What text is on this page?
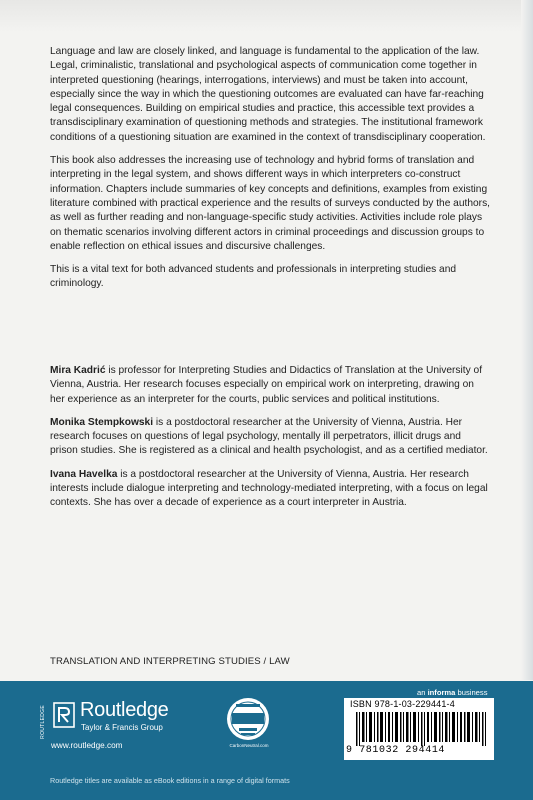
Language and law are closely linked, and language is fundamental to the application of the law. Legal, criminalistic, translational and psychological aspects of communication come together in interpreted questioning (hearings, interrogations, interviews) and must be taken into account, especially since the way in which the questioning outcomes are evaluated can have far-reaching legal consequences. Building on empirical studies and practice, this accessible text provides a transdisciplinary examination of questioning methods and strategies. The institutional framework conditions of a questioning situation are examined in the context of transdisciplinary cooperation.

This book also addresses the increasing use of technology and hybrid forms of translation and interpreting in the legal system, and shows different ways in which interpreters co-construct information. Chapters include summaries of key concepts and definitions, examples from existing literature combined with practical experience and the results of surveys conducted by the authors, as well as further reading and non-language-specific study activities. Activities include role plays on thematic scenarios involving different actors in criminal proceedings and discussion groups to enable reflection on ethical issues and discursive challenges.

This is a vital text for both advanced students and professionals in interpreting studies and criminology.

Mira Kadrić is professor for Interpreting Studies and Didactics of Translation at the University of Vienna, Austria. Her research focuses especially on empirical work on interpreting, drawing on her experience as an interpreter for the courts, public services and political institutions.

Monika Stempkowski is a postdoctoral researcher at the University of Vienna, Austria. Her research focuses on questions of legal psychology, mentally ill perpetrators, illicit drugs and prison studies. She is registered as a clinical and health psychologist, and as a certified mediator.

Ivana Havelka is a postdoctoral researcher at the University of Vienna, Austria. Her research interests include dialogue interpreting and technology-mediated interpreting, with a focus on legal contexts. She has over a decade of experience as a court interpreter in Austria.

TRANSLATION AND INTERPRETING STUDIES / LAW
ROUTLEDGE Routledge
Taylor & Francis Group
www.routledge.com	CarbonNeutral.com
an informa business
ISBN 978-1-03-229441-4
9 781032 294414
Routledge titles are available as eBook editions in a range of digital formats
